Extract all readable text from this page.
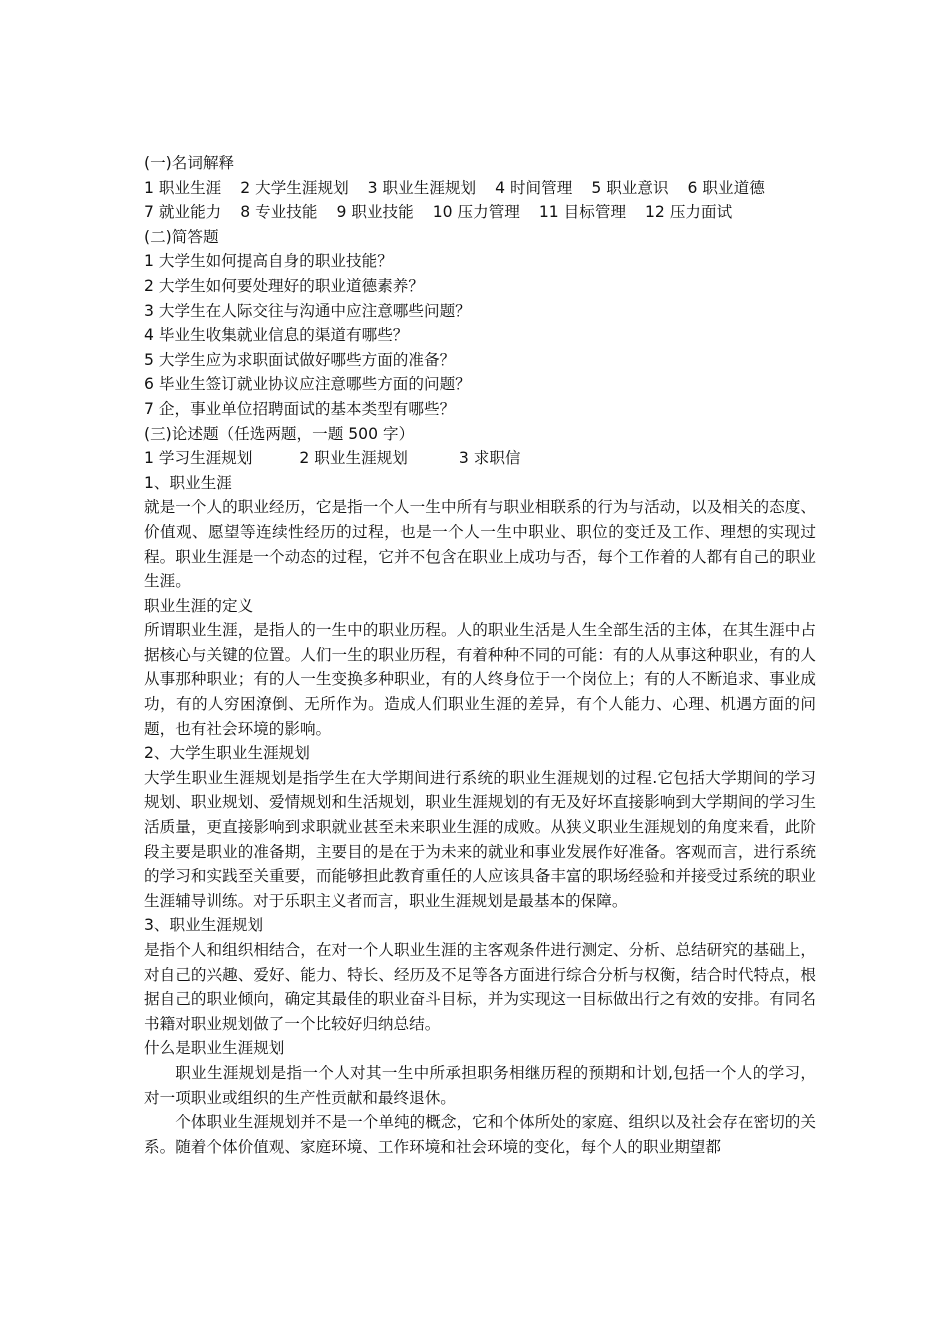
(一)名词解释
1 职业生涯 2 大学生涯规划 3 职业生涯规划 4 时间管理 5 职业意识 6 职业道德
7 就业能力 8 专业技能 9 职业技能 10 压力管理 11 目标管理 12 压力面试
(二)简答题
1 大学生如何提高自身的职业技能？
2 大学生如何要处理好的职业道德素养？
3 大学生在人际交往与沟通中应注意哪些问题？
4 毕业生收集就业信息的渠道有哪些？
5 大学生应为求职面试做好哪些方面的准备？
6 毕业生签订就业协议应注意哪些方面的问题？
7 企，事业单位招聘面试的基本类型有哪些？
(三)论述题（任选两题，一题 500 字）
1 学习生涯规划	2 职业生涯规划	3 求职信
1、职业生涯
就是一个人的职业经历，它是指一个人一生中所有与职业相联系的行为与活动，以及相关的态度、价值观、愿望等连续性经历的过程，也是一个人一生中职业、职位的变迁及工作、理想的实现过程。职业生涯是一个动态的过程，它并不包含在职业上成功与否，每个工作着的人都有自己的职业生涯。
职业生涯的定义
所谓职业生涯，是指人的一生中的职业历程。人的职业生活是人生全部生活的主体，在其生涯中占据核心与关键的位置。人们一生的职业历程，有着种种不同的可能：有的人从事这种职业，有的人从事那种职业；有的人一生变换多种职业，有的人终身位于一个岗位上；有的人不断追求、事业成功，有的人穷困潦倒、无所作为。造成人们职业生涯的差异，有个人能力、心理、机遇方面的问题，也有社会环境的影响。
2、大学生职业生涯规划
大学生职业生涯规划是指学生在大学期间进行系统的职业生涯规划的过程.它包括大学期间的学习规划、职业规划、爱情规划和生活规划，职业生涯规划的有无及好坏直接影响到大学期间的学习生活质量，更直接影响到求职就业甚至未来职业生涯的成败。从狭义职业生涯规划的角度来看，此阶段主要是职业的准备期，主要目的是在于为未来的就业和事业发展作好准备。客观而言，进行系统的学习和实践至关重要，而能够担此教育重任的人应该具备丰富的职场经验和并接受过系统的职业生涯辅导训练。对于乐职主义者而言，职业生涯规划是最基本的保障。
3、职业生涯规划
是指个人和组织相结合，在对一个人职业生涯的主客观条件进行测定、分析、总结研究的基础上，对自己的兴趣、爱好、能力、特长、经历及不足等各方面进行综合分析与权衡，结合时代特点，根据自己的职业倾向，确定其最佳的职业奋斗目标，并为实现这一目标做出行之有效的安排。有同名书籍对职业规划做了一个比较好归纳总结。
什么是职业生涯规划
职业生涯规划是指一个人对其一生中所承担职务相继历程的预期和计划,包括一个人的学习，对一项职业或组织的生产性贡献和最终退休。
个体职业生涯规划并不是一个单纯的概念，它和个体所处的家庭、组织以及社会存在密切的关系。随着个体价值观、家庭环境、工作环境和社会环境的变化，每个人的职业期望都
